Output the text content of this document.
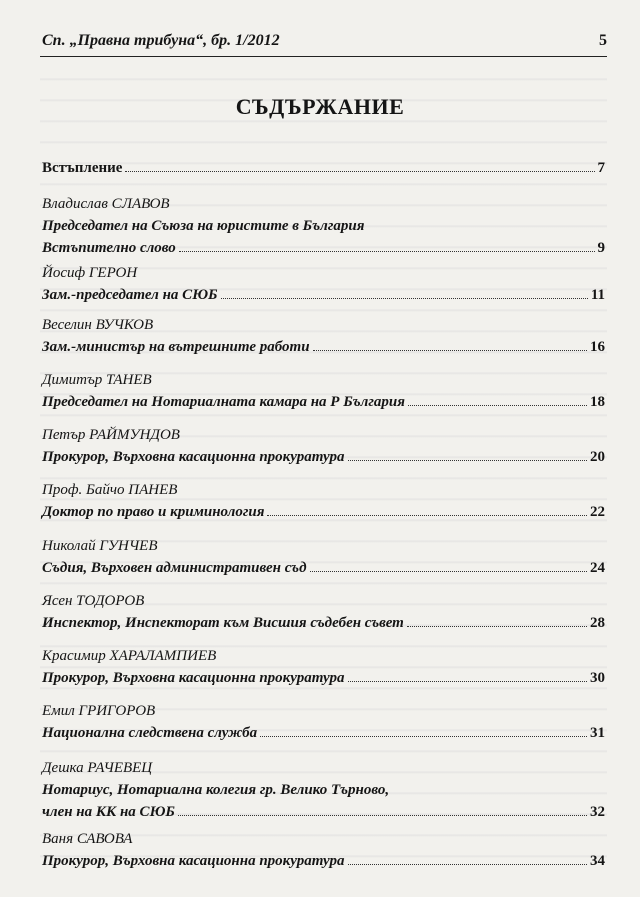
Сп. „Правна трибуна“, бр. 1/2012	5
СЪДЪРЖАНИЕ
Встъпление	7
Владислав СЛАВОВ
Председател на Съюза на юристите в България
Встъпително слово	9
Йосиф ГЕРОН
Зам.-председател на СЮБ	11
Веселин ВУЧКОВ
Зам.-министър на вътрешните работи	16
Димитър ТАНЕВ
Председател на Нотариалната камара на Р България	18
Петър РАЙМУНДОВ
Прокурор, Върховна касационна прокуратура	20
Проф. Байчо ПАНЕВ
Доктор по право и криминология	22
Николай ГУНЧЕВ
Съдия, Върховен административен съд	24
Ясен ТОДОРОВ
Инспектор, Инспекторат към Висшия съдебен съвет	28
Красимир ХАРАЛАМПИЕВ
Прокурор, Върховна касационна прокуратура	30
Емил ГРИГОРОВ
Национална следствена служба	31
Дешка РАЧЕВЕЦ
Нотариус, Нотариална колегия гр. Велико Търново,
член на КК на СЮБ	32
Ваня САВОВА
Прокурор, Върховна касационна прокуратура	34
